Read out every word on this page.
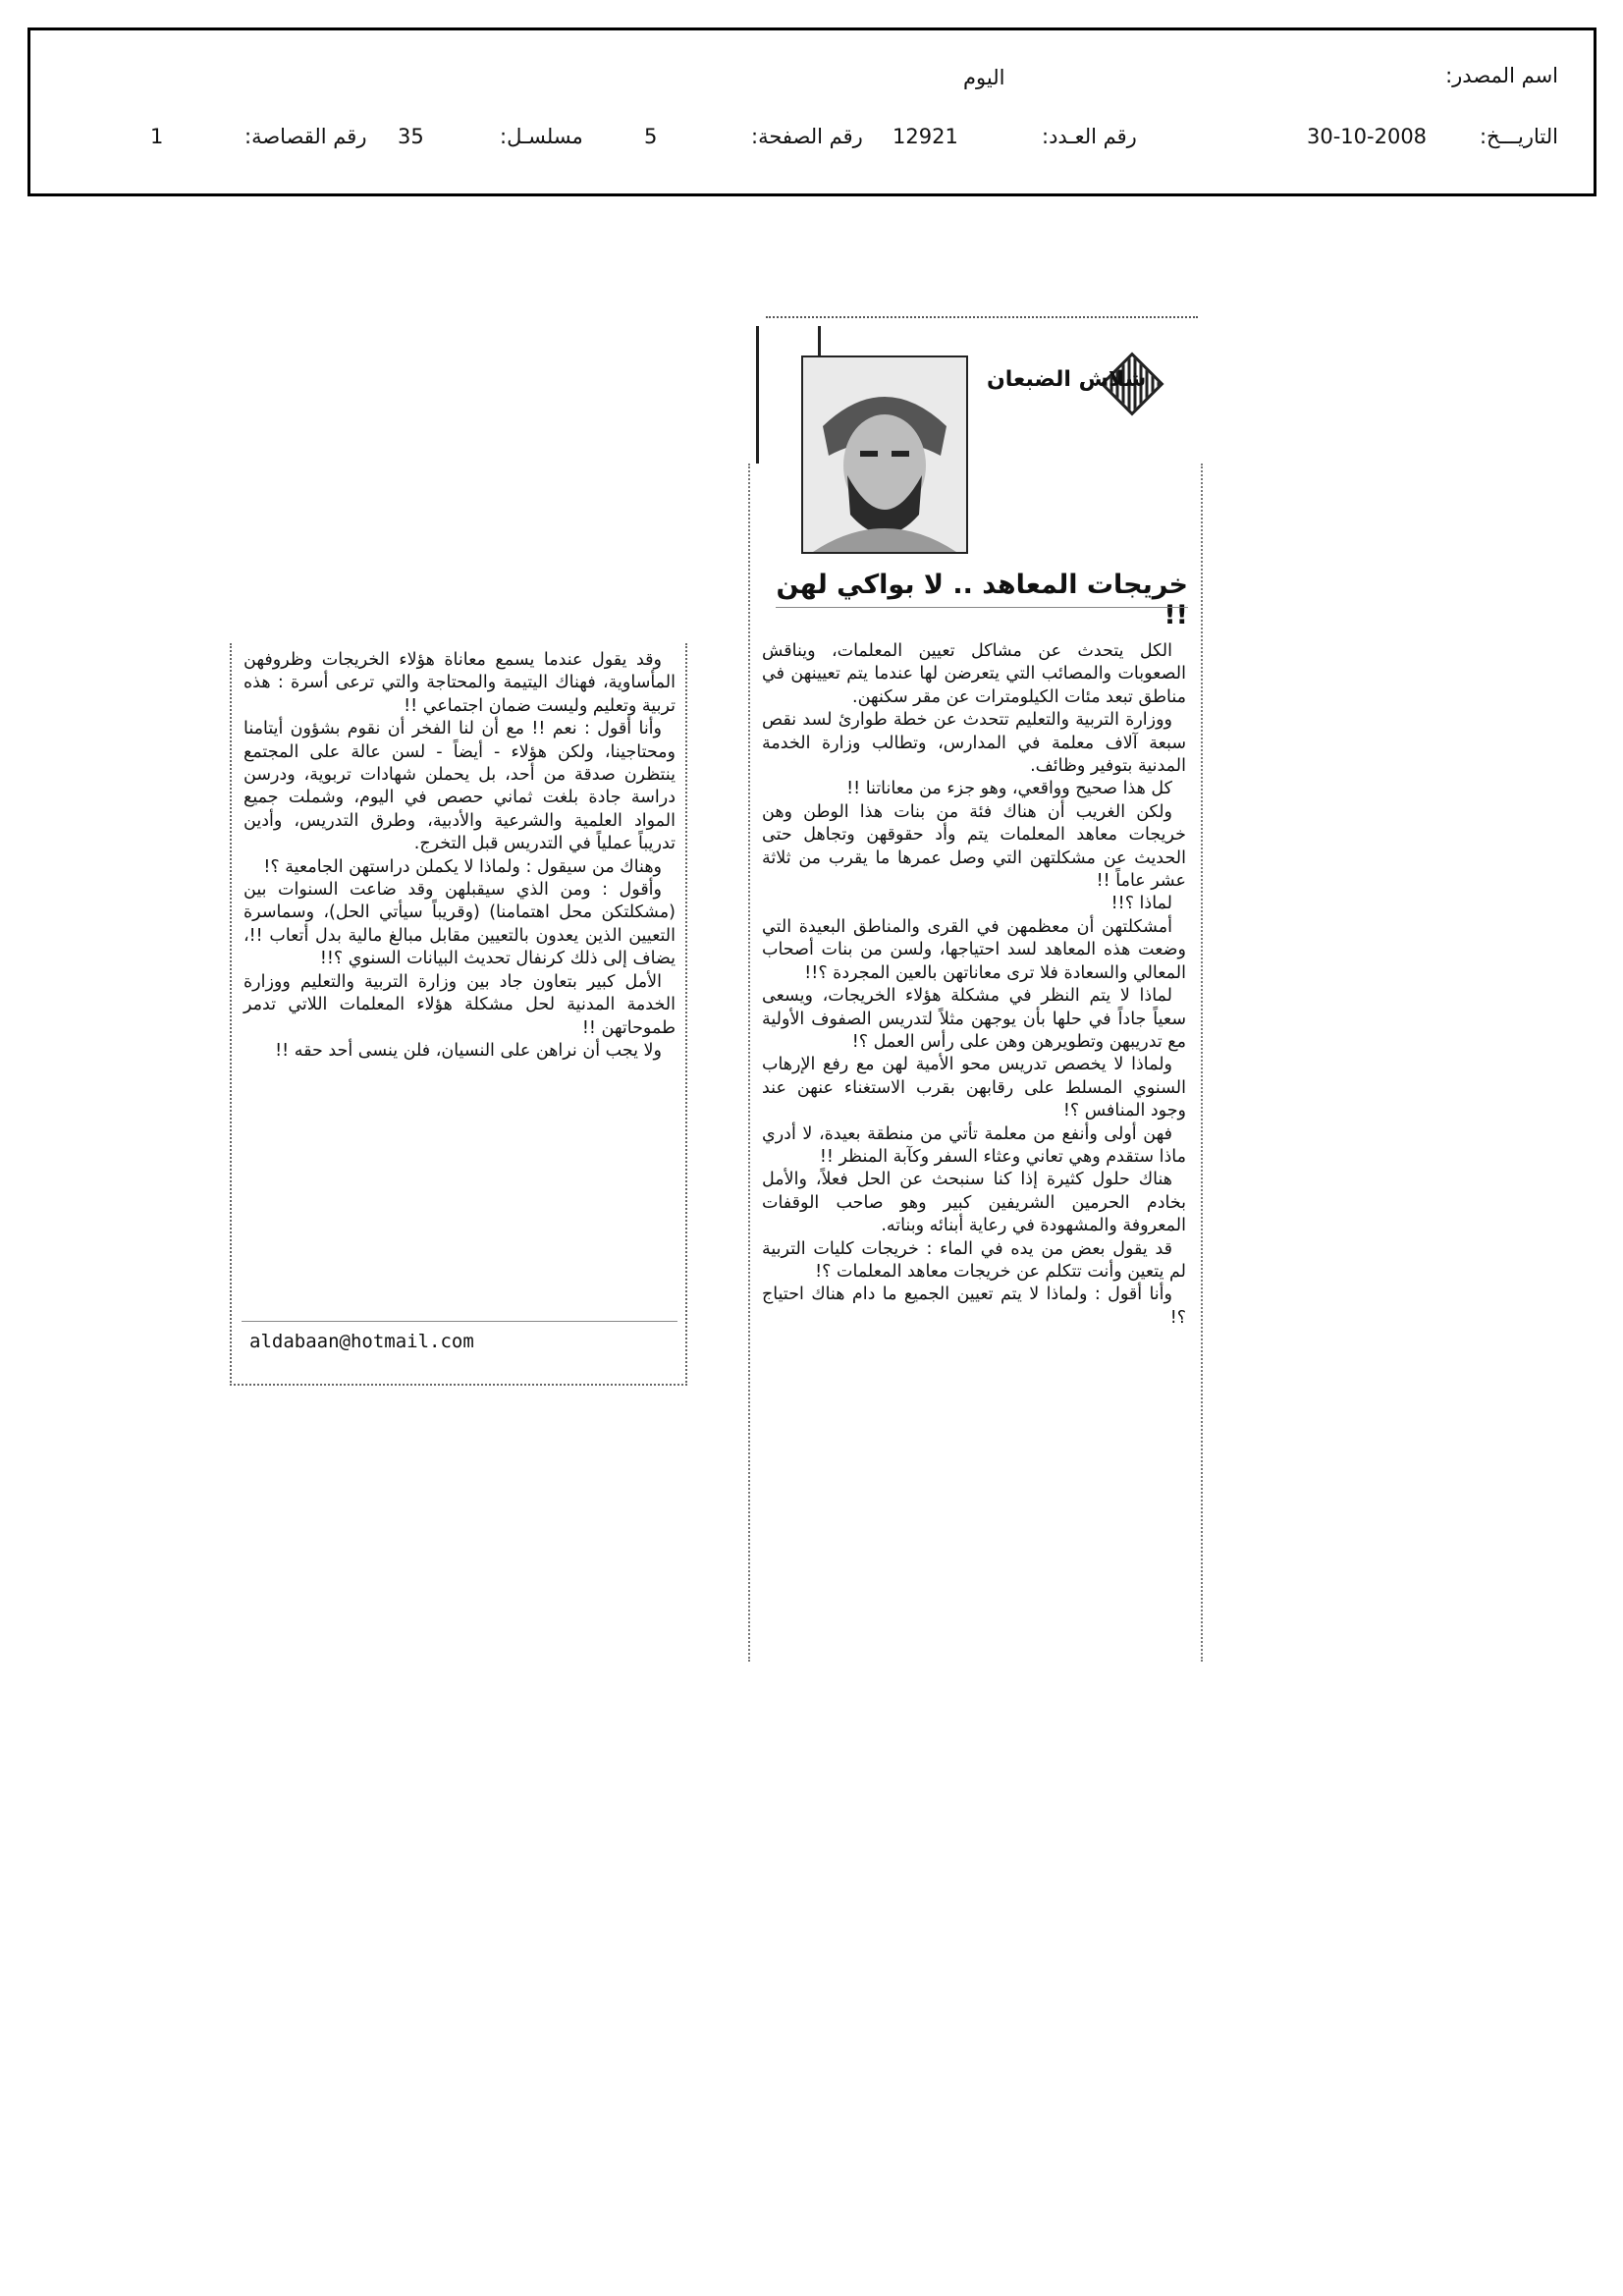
اسم المصدر:
اليوم
التاريـــخ:
30-10-2008
رقم العـدد:
12921
رقم الصفحة:
5
مسلسـل:
35
رقم القصاصة:
1
شلاش الضبعان
خريجات المعاهد .. لا بواكي لهن !!

الكل يتحدث عن مشاكل تعيين المعلمات، ويناقش الصعوبات والمصائب التي يتعرضن لها عندما يتم تعيينهن في مناطق تبعد مئات الكيلومترات عن مقر سكنهن.

ووزارة التربية والتعليم تتحدث عن خطة طوارئ لسد نقص سبعة آلاف معلمة في المدارس، وتطالب وزارة الخدمة المدنية بتوفير وظائف.

كل هذا صحيح وواقعي، وهو جزء من معاناتنا !!

ولكن الغريب أن هناك فئة من بنات هذا الوطن وهن خريجات معاهد المعلمات يتم وأد حقوقهن وتجاهل حتى الحديث عن مشكلتهن التي وصل عمرها ما يقرب من ثلاثة عشر عاماً !!

لماذا ؟!!

أمشكلتهن أن معظمهن في القرى والمناطق البعيدة التي وضعت هذه المعاهد لسد احتياجها، ولسن من بنات أصحاب المعالي والسعادة فلا ترى معاناتهن بالعين المجردة ؟!!

لماذا لا يتم النظر في مشكلة هؤلاء الخريجات، ويسعى سعياً جاداً في حلها بأن يوجهن مثلاً لتدريس الصفوف الأولية مع تدريبهن وتطويرهن وهن على رأس العمل ؟!

ولماذا لا يخصص تدريس محو الأمية لهن مع رفع الإرهاب السنوي المسلط على رقابهن بقرب الاستغناء عنهن عند وجود المنافس ؟!

فهن أولى وأنفع من معلمة تأتي من منطقة بعيدة، لا أدري ماذا ستقدم وهي تعاني وعثاء السفر وكآبة المنظر !!

هناك حلول كثيرة إذا كنا سنبحث عن الحل فعلاً، والأمل بخادم الحرمين الشريفين كبير وهو صاحب الوقفات المعروفة والمشهودة في رعاية أبنائه وبناته.

قد يقول بعض من يده في الماء : خريجات كليات التربية لم يتعين وأنت تتكلم عن خريجات معاهد المعلمات ؟!

وأنا أقول : ولماذا لا يتم تعيين الجميع ما دام هناك احتياج ؟!

وقد يقول عندما يسمع معاناة هؤلاء الخريجات وظروفهن المأساوية، فهناك اليتيمة والمحتاجة والتي ترعى أسرة : هذه تربية وتعليم وليست ضمان اجتماعي !!

وأنا أقول : نعم !! مع أن لنا الفخر أن نقوم بشؤون أيتامنا ومحتاجينا، ولكن هؤلاء - أيضاً - لسن عالة على المجتمع ينتظرن صدقة من أحد، بل يحملن شهادات تربوية، ودرسن دراسة جادة بلغت ثماني حصص في اليوم، وشملت جميع المواد العلمية والشرعية والأدبية، وطرق التدريس، وأدين تدريباً عملياً في التدريس قبل التخرج.

وهناك من سيقول : ولماذا لا يكملن دراستهن الجامعية ؟!

وأقول : ومن الذي سيقبلهن وقد ضاعت السنوات بين (مشكلتكن محل اهتمامنا) (وقريباً سيأتي الحل)، وسماسرة التعيين الذين يعدون بالتعيين مقابل مبالغ مالية بدل أتعاب !!، يضاف إلى ذلك كرنفال تحديث البيانات السنوي ؟!!

الأمل كبير بتعاون جاد بين وزارة التربية والتعليم ووزارة الخدمة المدنية لحل مشكلة هؤلاء المعلمات اللاتي تدمر طموحاتهن !!

ولا يجب أن نراهن على النسيان، فلن ينسى أحد حقه !!

aldabaan@hotmail.com
